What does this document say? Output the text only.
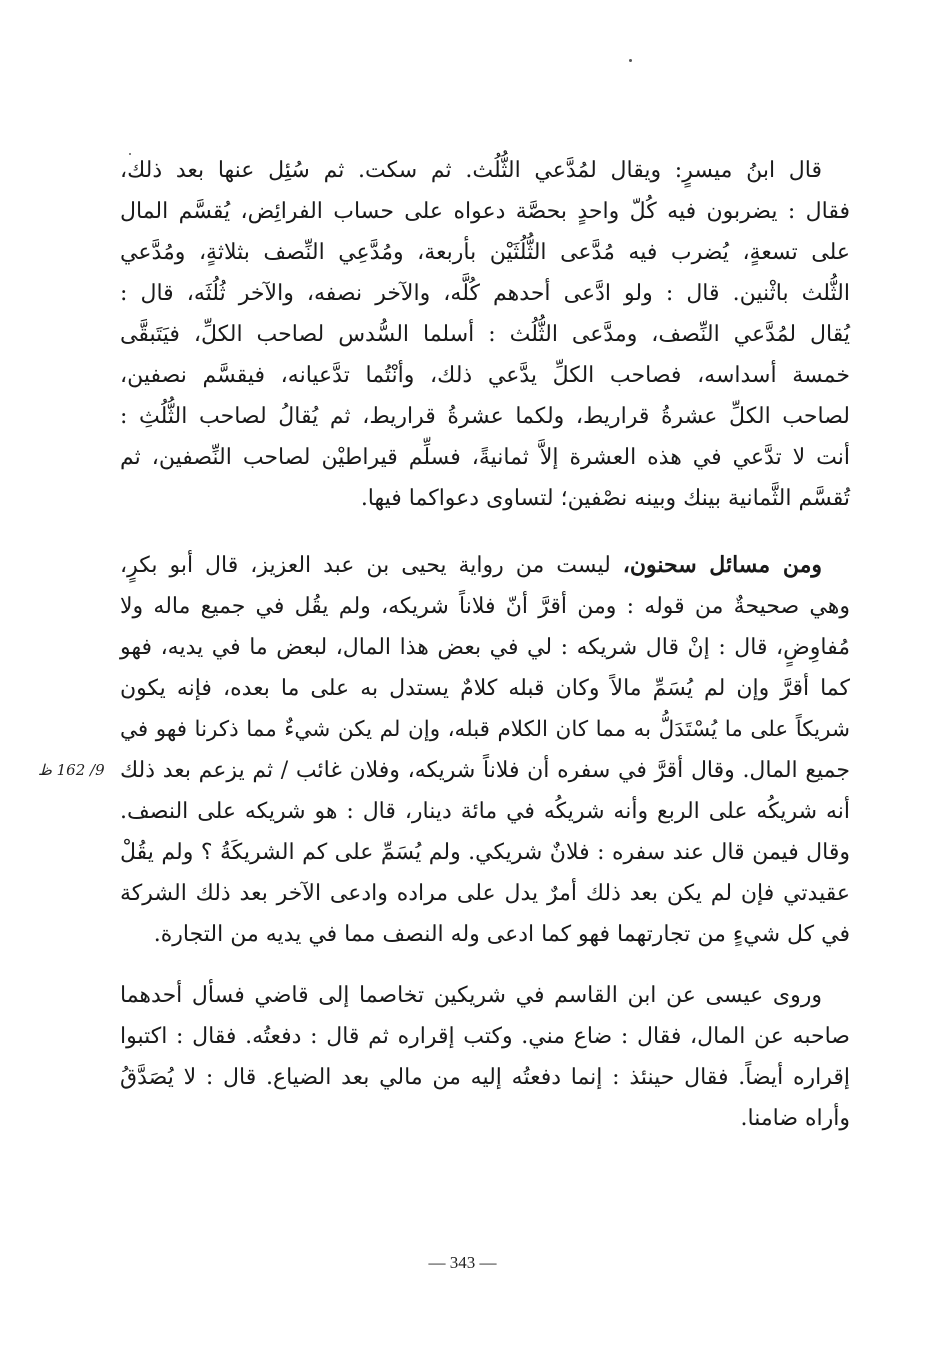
قال ابنُ ميسرٍ: ويقال لمُدَّعي الثُّلُث. ثم سكت. ثم سُئِل عنها بعد ذلك،
فقال : يضربون فيه كُلّ واحدٍ بحصَّة دعواه على حساب الفرائِض، يُقسَّم المال
على تسعةٍ، يُضرب فيه مُدَّعى الثُّلُثَيْن بأربعة، ومُدَّعِي النِّصف بثلاثةٍ، ومُدَّعي
الثُّلث باثْنين. قال : ولو ادَّعى أحدهم كُلَّه، والآخر نصفه، والآخر ثُلُثَه، قال :
يُقال لمُدَّعي النِّصف، ومدَّعى الثُّلُث : أسلما السُّدس لصاحب الكلِّ، فيَتَبقَّى
خمسة أسداسه، فصاحب الكلِّ يدَّعي ذلك، وأنْتُما تدَّعيانه، فيقسَّم نصفين،
لصاحب الكلِّ عشرةُ قراريط، ولكما عشرةُ قراريط، ثم يُقالُ لصاحب الثُّلُثِ :
أنت لا تدَّعي في هذه العشرة إلاَّ ثمانيةً، فسلِّم قيراطيْن لصاحب النِّصفين، ثم
تُقسَّم الثَّمانية بينك وبينه نصْفين؛ لتساوى دعواكما فيها.
ومن مسائل سحنون، ليست من رواية يحيى بن عبد العزيز، قال أبو بكرٍ،
وهي صحيحةٌ من قوله : ومن أقرَّ أنّ فلاناً شريكه، ولم يقُل في جميع ماله ولا
مُفاوِضٍ، قال : إنْ قال شريكه : لي في بعض هذا المال، لبعض ما في يديه، فهو
كما أقرَّ وإن لم يُسَمِّ مالاً وكان قبله كلامٌ يستدل به على ما بعده، فإنه يكون
شريكاً على ما يُسْتَدَلُّ به مما كان الكلام قبله، وإن لم يكن شيءٌ مما ذكرنا فهو في
جميع المال. وقال أقرَّ في سفره أن فلاناً شريكه، وفلان غائب / ثم يزعم بعد ذلك
أنه شريكُه على الربع وأنه شريكُه في مائة دينار، قال : هو شريكه على النصف.
وقال فيمن قال عند سفره : فلانٌ شريكي. ولم يُسَمِّ على كم الشريكَةُ ؟ ولم يقُلْ
عقيدتي فإن لم يكن بعد ذلك أمرٌ يدل على مراده وادعى الآخر بعد ذلك الشركة
في كل شيءٍ من تجارتهما فهو كما ادعى وله النصف مما في يديه من التجارة.
وروى عيسى عن ابن القاسم في شريكين تخاصما إلى قاضي فسأل أحدهما
صاحبه عن المال، فقال : ضاع مني. وكتب إقراره ثم قال : دفعتُه. فقال : اكتبوا
إقراره أيضاً. فقال حينئذ : إنما دفعتُه إليه من مالي بعد الضياع. قال : لا يُصَدَّقُ
وأراه ضامنا.
9/ 162 ظ
— 343 —
